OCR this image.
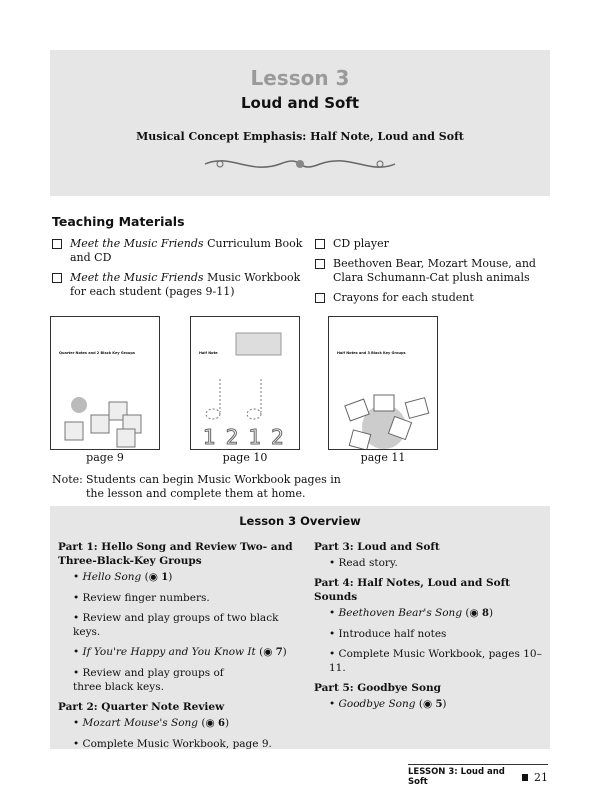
Lesson 3
Loud and Soft
Musical Concept Emphasis: Half Note, Loud and Soft
Teaching Materials
Meet the Music Friends Curriculum Book and CD
Meet the Music Friends Music Workbook for each student (pages 9-11)
CD player
Beethoven Bear, Mozart Mouse, and Clara Schumann-Cat plush animals
Crayons for each student
Quarter Notes and 2 Black Key Groups	Half Note
1212
Half Notes and 3 Black Key Groups
page 9	page 10	page 11
Note: Students can begin Music Workbook pages in the lesson and complete them at home.
Lesson 3 Overview
Part 1: Hello Song and Review Two- and Three-Black-Key Groups
• Hello Song (◉ 1)
• Review finger numbers.
• Review and play groups of two black keys.
• If You're Happy and You Know It (◉ 7)
• Review and play groups of three black keys.
Part 2: Quarter Note Review
• Mozart Mouse's Song (◉ 6)
• Complete Music Workbook, page 9.
Part 3: Loud and Soft
• Read story.
Part 4: Half Notes, Loud and Soft Sounds
• Beethoven Bear's Song (◉ 8)
• Introduce half notes
• Complete Music Workbook, pages 10–11.
Part 5: Goodbye Song
• Goodbye Song (◉ 5)
LESSON 3: Loud and Soft	21
